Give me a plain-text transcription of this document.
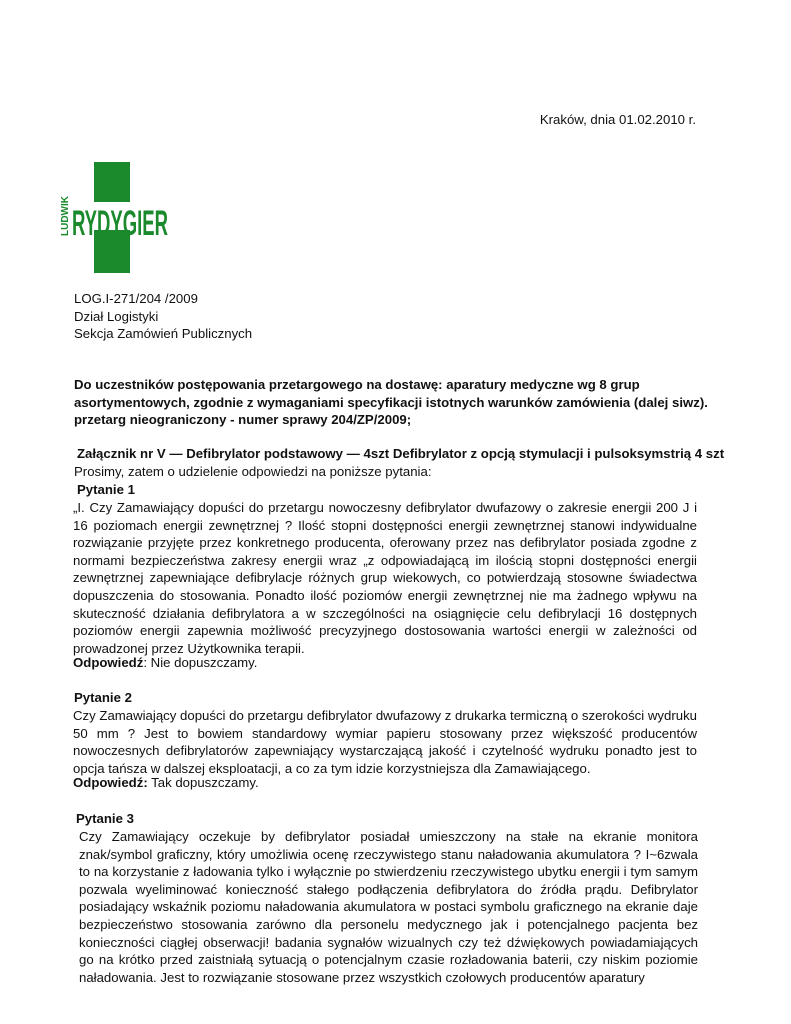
Kraków, dnia 01.02.2010 r.
LUDWIK RYDYGIER
LOG.I-271/204 /2009
Dział Logistyki
Sekcja Zamówień Publicznych
Do uczestników postępowania przetargowego na dostawę: aparatury medyczne wg 8 grup
asortymentowych, zgodnie z wymaganiami specyfikacji istotnych warunków zamówienia (dalej siwz).
przetarg nieograniczony - numer sprawy 204/ZP/2009;
Załącznik nr V — Defibrylator podstawowy — 4szt Defibrylator z opcją stymulacji i pulsoksymstrią 4 szt
Prosimy, zatem o udzielenie odpowiedzi na poniższe pytania:
Pytanie 1
„I. Czy Zamawiający dopuści do przetargu nowoczesny defibrylator dwufazowy o zakresie energii 200 J i 16 poziomach energii zewnętrznej ? Ilość stopni dostępności energii zewnętrznej stanowi indywidualne rozwiązanie przyjęte przez konkretnego producenta, oferowany przez nas defibrylator posiada zgodne z normami bezpieczeństwa zakresy energii wraz „z odpowiadającą im ilością stopni dostępności energii zewnętrznej zapewniające defibrylacje różnych grup wiekowych, co potwierdzają stosowne świadectwa dopuszczenia do stosowania. Ponadto ilość poziomów energii zewnętrznej nie ma żadnego wpływu na skuteczność działania defibrylatora a w szczególności na osiągnięcie celu defibrylacji 16 dostępnych poziomów energii zapewnia możliwość precyzyjnego dostosowania wartości energii w zależności od prowadzonej przez Użytkownika terapii.
Odpowiedź: Nie dopuszczamy.
Pytanie 2
Czy Zamawiający dopuści do przetargu defibrylator dwufazowy z drukarka termiczną o szerokości wydruku 50 mm ? Jest to bowiem standardowy wymiar papieru stosowany przez większość producentów nowoczesnych defibrylatorów zapewniający wystarczającą jakość i czytelność wydruku ponadto jest to opcja tańsza w dalszej eksploatacji, a co za tym idzie korzystniejsza dla Zamawiającego.
Odpowiedź: Tak dopuszczamy.
Pytanie 3
Czy Zamawiający oczekuje by defibrylator posiadał umieszczony na stałe na ekranie monitora znak/symbol graficzny, który umożliwia ocenę rzeczywistego stanu naładowania akumulatora ? I~6zwala to na korzystanie z ładowania tylko i wyłącznie po stwierdzeniu rzeczywistego ubytku energii i tym samym pozwala wyeliminować konieczność stałego podłączenia defibrylatora do źródła prądu. Defibrylator posiadający wskaźnik poziomu naładowania akumulatora w postaci symbolu graficznego na ekranie daje bezpieczeństwo stosowania zarówno dla personelu medycznego jak i potencjalnego pacjenta bez konieczności ciągłej obserwacji! badania sygnałów wizualnych czy też dźwiękowych powiadamiających go na krótko przed zaistniałą sytuacją o potencjalnym czasie rozładowania baterii, czy niskim poziomie naładowania. Jest to rozwiązanie stosowane przez wszystkich czołowych producentów aparatury
